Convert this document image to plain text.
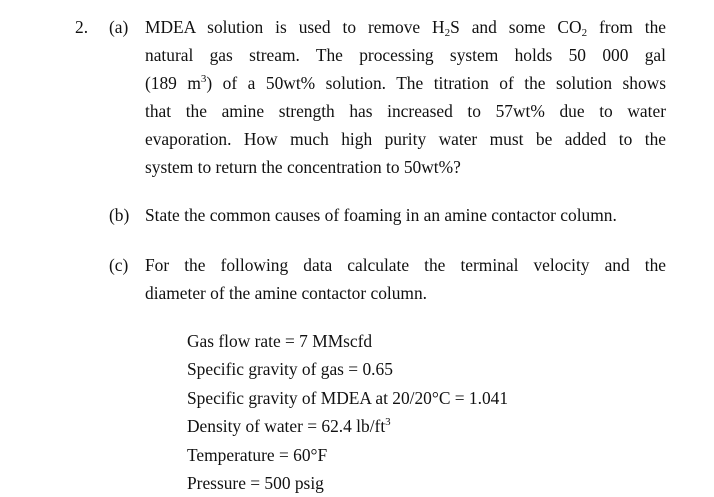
2. (a) MDEA solution is used to remove $H_2S$ and some $CO_2$ from the
natural gas stream. The processing system holds 50 000 gal
(189 $m^3$) of a 50wt% solution. The titration of the solution shows
that the amine strength has increased to 57wt% due to water
evaporation. How much high purity water must be added to the
system to return the concentration to 50wt%?
(b) State the common causes of foaming in an amine contactor column.
(c) For the following data calculate the terminal velocity and the
diameter of the amine contactor column.
Gas flow rate = 7 MMscfd
Specific gravity of gas = 0.65
Specific gravity of MDEA at 20/20°C = 1.041
Density of water = 62.4 $lb/ft^3$
Temperature = 60°F
Pressure = 500 psig
